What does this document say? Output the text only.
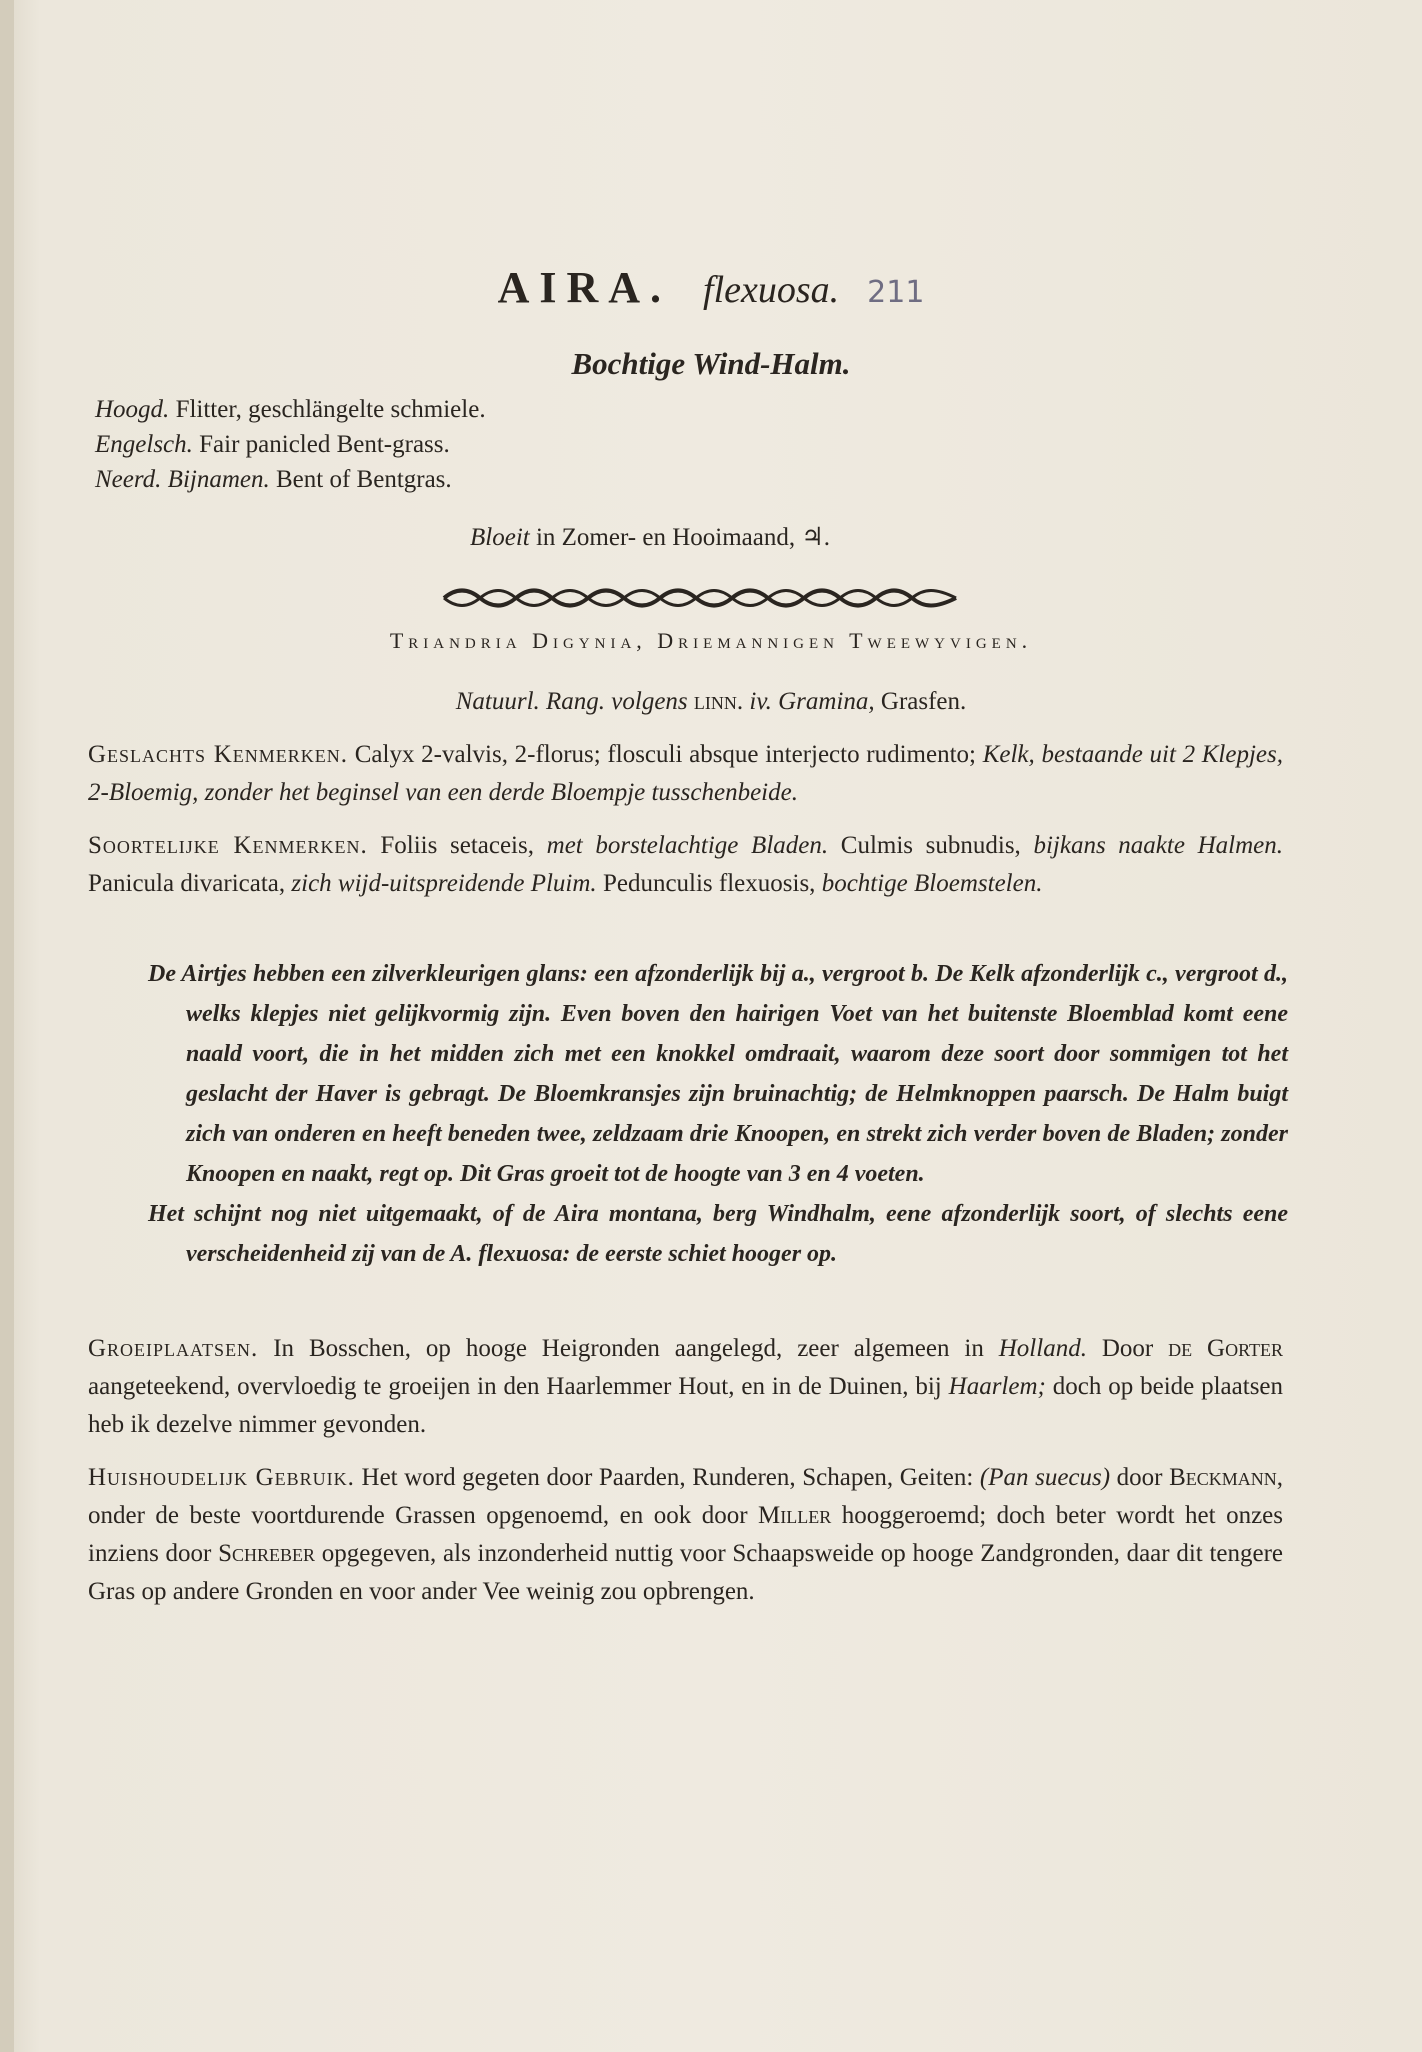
AIRA. flexuosa. 211
Bochtige Wind-Halm.
Hoogd. Flitter, geschlängelte schmiele.
Engelsch. Fair panicled Bent-grass.
Neerd. Bijnamen. Bent of Bentgras.
Bloeit in Zomer- en Hooimaand, ♃.
Triandria Digynia, Driemannigen Tweewyvigen.
Natuurl. Rang. volgens linn. iv. Gramina, Grasfen.
Geslachts Kenmerken. Calyx 2-valvis, 2-florus; flosculi absque interjecto rudimento; Kelk, bestaande uit 2 Klepjes, 2-Bloemig, zonder het beginsel van een derde Bloempje tusschenbeide.
Soortelijke Kenmerken. Foliis setaceis, met borstelachtige Bladen. Culmis subnudis, bijkans naakte Halmen. Panicula divaricata, zich wijd-uitspreidende Pluim. Pedunculis flexuosis, bochtige Bloemstelen.
De Airtjes hebben een zilverkleurigen glans: een afzonderlijk bij a., vergroot b. De Kelk afzonderlijk c., vergroot d., welks klepjes niet gelijkvormig zijn. Even boven den hairigen Voet van het buitenste Bloemblad komt eene naald voort, die in het midden zich met een knokkel omdraait, waarom deze soort door sommigen tot het geslacht der Haver is gebragt. De Bloemkransjes zijn bruinachtig; de Helmknoppen paarsch. De Halm buigt zich van onderen en heeft beneden twee, zeldzaam drie Knoopen, en strekt zich verder boven de Bladen; zonder Knoopen en naakt, regt op. Dit Gras groeit tot de hoogte van 3 en 4 voeten.
Het schijnt nog niet uitgemaakt, of de Aira montana, berg Windhalm, eene afzonderlijk soort, of slechts eene verscheidenheid zij van de A. flexuosa: de eerste schiet hooger op.
Groeiplaatsen. In Bosschen, op hooge Heigronden aangelegd, zeer algemeen in Holland. Door de Gorter aangeteekend, overvloedig te groeijen in den Haarlemmer Hout, en in de Duinen, bij Haarlem; doch op beide plaatsen heb ik dezelve nimmer gevonden.
Huishoudelijk Gebruik. Het word gegeten door Paarden, Runderen, Schapen, Geiten: (Pan suecus) door Beckmann, onder de beste voortdurende Grassen opgenoemd, en ook door Miller hooggeroemd; doch beter wordt het onzes inziens door Schreber opgegeven, als inzonderheid nuttig voor Schaapsweide op hooge Zandgronden, daar dit tengere Gras op andere Gronden en voor ander Vee weinig zou opbrengen.
